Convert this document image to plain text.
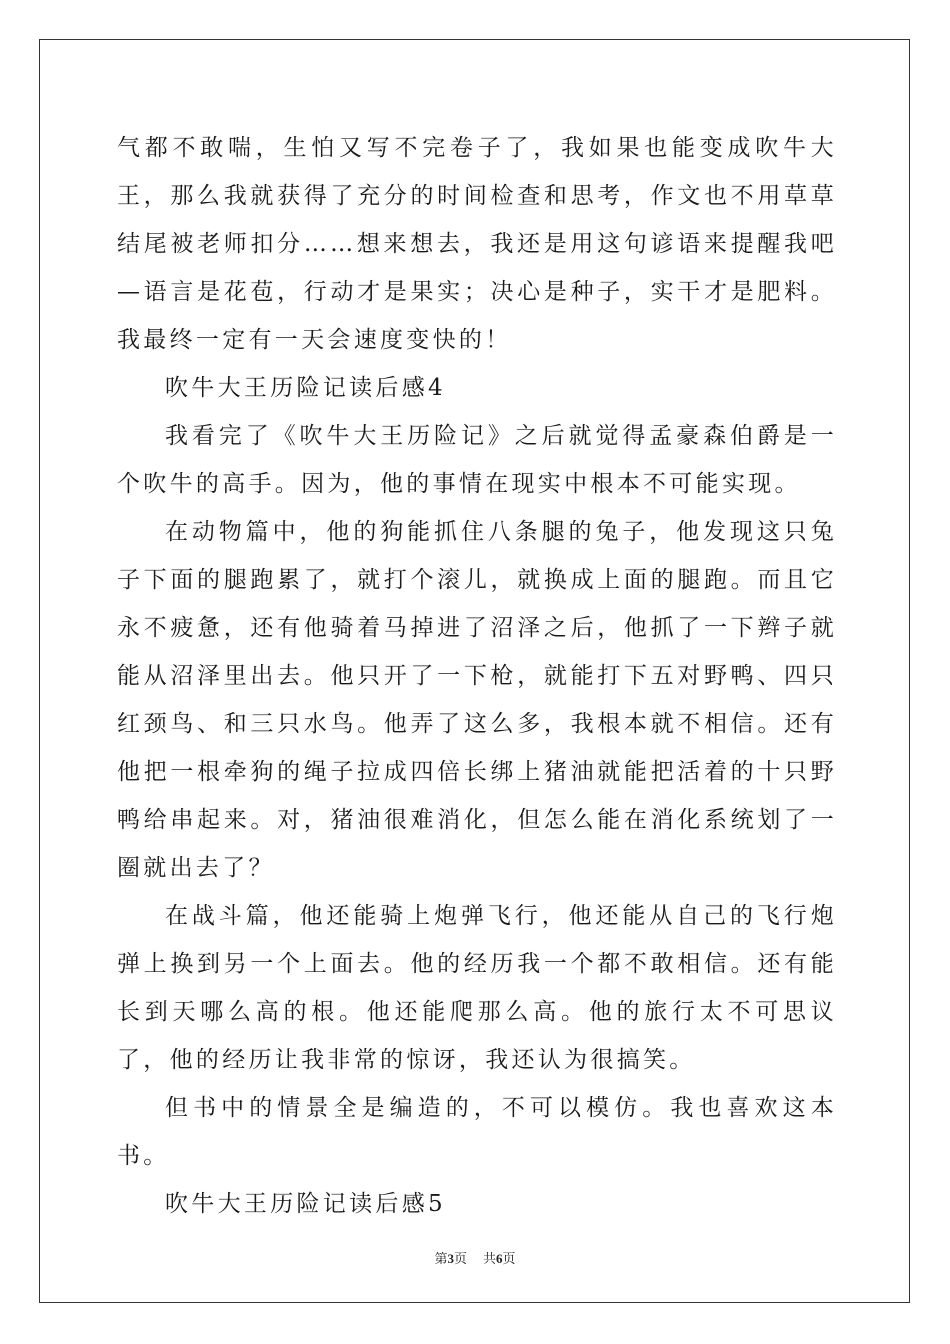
气都不敢喘，生怕又写不完卷子了，我如果也能变成吹牛大王，那么我就获得了充分的时间检查和思考，作文也不用草草结尾被老师扣分……想来想去，我还是用这句谚语来提醒我吧—语言是花苞，行动才是果实；决心是种子，实干才是肥料。我最终一定有一天会速度变快的！

吹牛大王历险记读后感4

我看完了《吹牛大王历险记》之后就觉得孟豪森伯爵是一个吹牛的高手。因为，他的事情在现实中根本不可能实现。

在动物篇中，他的狗能抓住八条腿的兔子，他发现这只兔子下面的腿跑累了，就打个滚儿，就换成上面的腿跑。而且它永不疲惫，还有他骑着马掉进了沼泽之后，他抓了一下辫子就能从沼泽里出去。他只开了一下枪，就能打下五对野鸭、四只红颈鸟、和三只水鸟。他弄了这么多，我根本就不相信。还有他把一根牵狗的绳子拉成四倍长绑上猪油就能把活着的十只野鸭给串起来。对，猪油很难消化，但怎么能在消化系统划了一圈就出去了？

在战斗篇，他还能骑上炮弹飞行，他还能从自己的飞行炮弹上换到另一个上面去。他的经历我一个都不敢相信。还有能长到天哪么高的根。他还能爬那么高。他的旅行太不可思议了，他的经历让我非常的惊讶，我还认为很搞笑。

但书中的情景全是编造的，不可以模仿。我也喜欢这本书。

吹牛大王历险记读后感5

第3页 共6页
